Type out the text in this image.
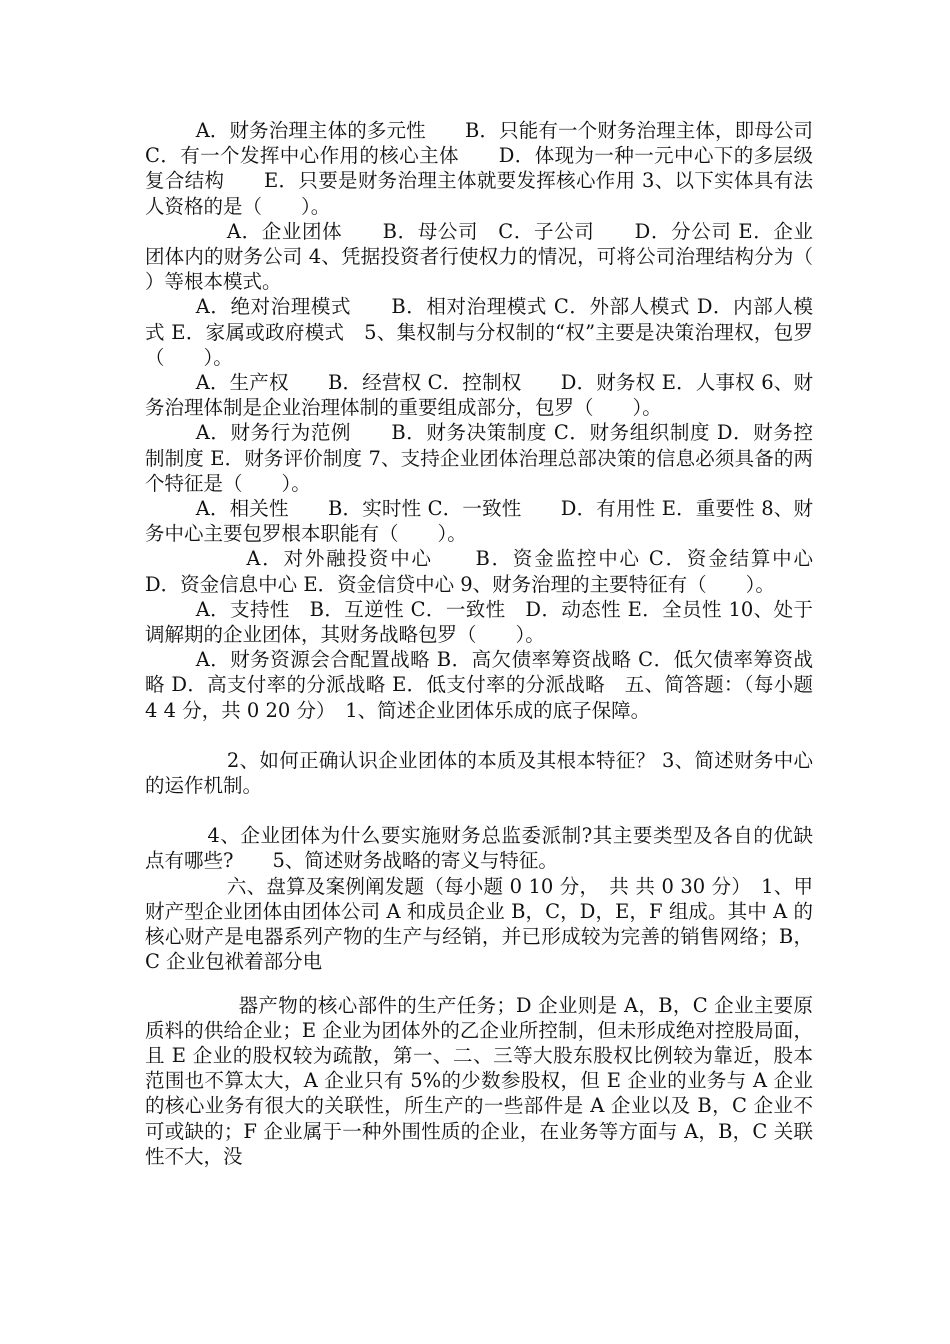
A．财务治理主体的多元性　　B．只能有一个财务治理主体，即母公司　　C．有一个发挥中心作用的核心主体　　D．体现为一种一元中心下的多层级复合结构　　E．只要是财务治理主体就要发挥核心作用 3、以下实体具有法人资格的是（　　）。

A．企业团体　　B．母公司　C．子公司　　D．分公司 E．企业团体内的财务公司 4、凭据投资者行使权力的情况，可将公司治理结构分为（　　）等根本模式。

A．绝对治理模式　　B．相对治理模式 C．外部人模式 D．内部人模式 E．家属或政府模式　5、集权制与分权制的“权”主要是决策治理权，包罗（　　）。

A．生产权　　B．经营权 C．控制权　　D．财务权 E．人事权 6、财务治理体制是企业治理体制的重要组成部分，包罗（　　）。

A．财务行为范例　　B．财务决策制度 C．财务组织制度 D．财务控制制度 E．财务评价制度 7、支持企业团体治理总部决策的信息必须具备的两个特征是（　　）。

A．相关性　　B．实时性 C．一致性　　D．有用性 E．重要性 8、财务中心主要包罗根本职能有（　　）。

A．对外融投资中心　　B．资金监控中心 C．资金结算中心　　D．资金信息中心 E．资金信贷中心 9、财务治理的主要特征有（　　）。

A．支持性　B．互逆性 C．一致性　D．动态性 E．全员性 10、处于调解期的企业团体，其财务战略包罗（　　）。

A．财务资源会合配置战略 B．高欠债率筹资战略 C．低欠债率筹资战略 D．高支付率的分派战略 E．低支付率的分派战略　五、简答题：（每小题 4 4 分，共 0 20 分）　1、简述企业团体乐成的底子保障。

2、如何正确认识企业团体的本质及其根本特征？ 3、简述财务中心的运作机制。

4、企业团体为什么要实施财务总监委派制?其主要类型及各自的优缺点有哪些?　　5、简述财务战略的寄义与特征。

六、盘算及案例阐发题（每小题 0 10 分，　共 共 0 30 分）　1、甲财产型企业团体由团体公司 A 和成员企业 B，C，D，E，F 组成。其中 A 的核心财产是电器系列产物的生产与经销，并已形成较为完善的销售网络；B，C 企业包袱着部分电

器产物的核心部件的生产任务；D 企业则是 A，B，C 企业主要原质料的供给企业；E 企业为团体外的乙企业所控制，但未形成绝对控股局面，且 E 企业的股权较为疏散，第一、二、三等大股东股权比例较为靠近，股本范围也不算太大，A 企业只有 5%的少数参股权，但 E 企业的业务与 A 企业的核心业务有很大的关联性，所生产的一些部件是 A 企业以及 B，C 企业不可或缺的；F 企业属于一种外围性质的企业，在业务等方面与 A，B，C 关联性不大，没
